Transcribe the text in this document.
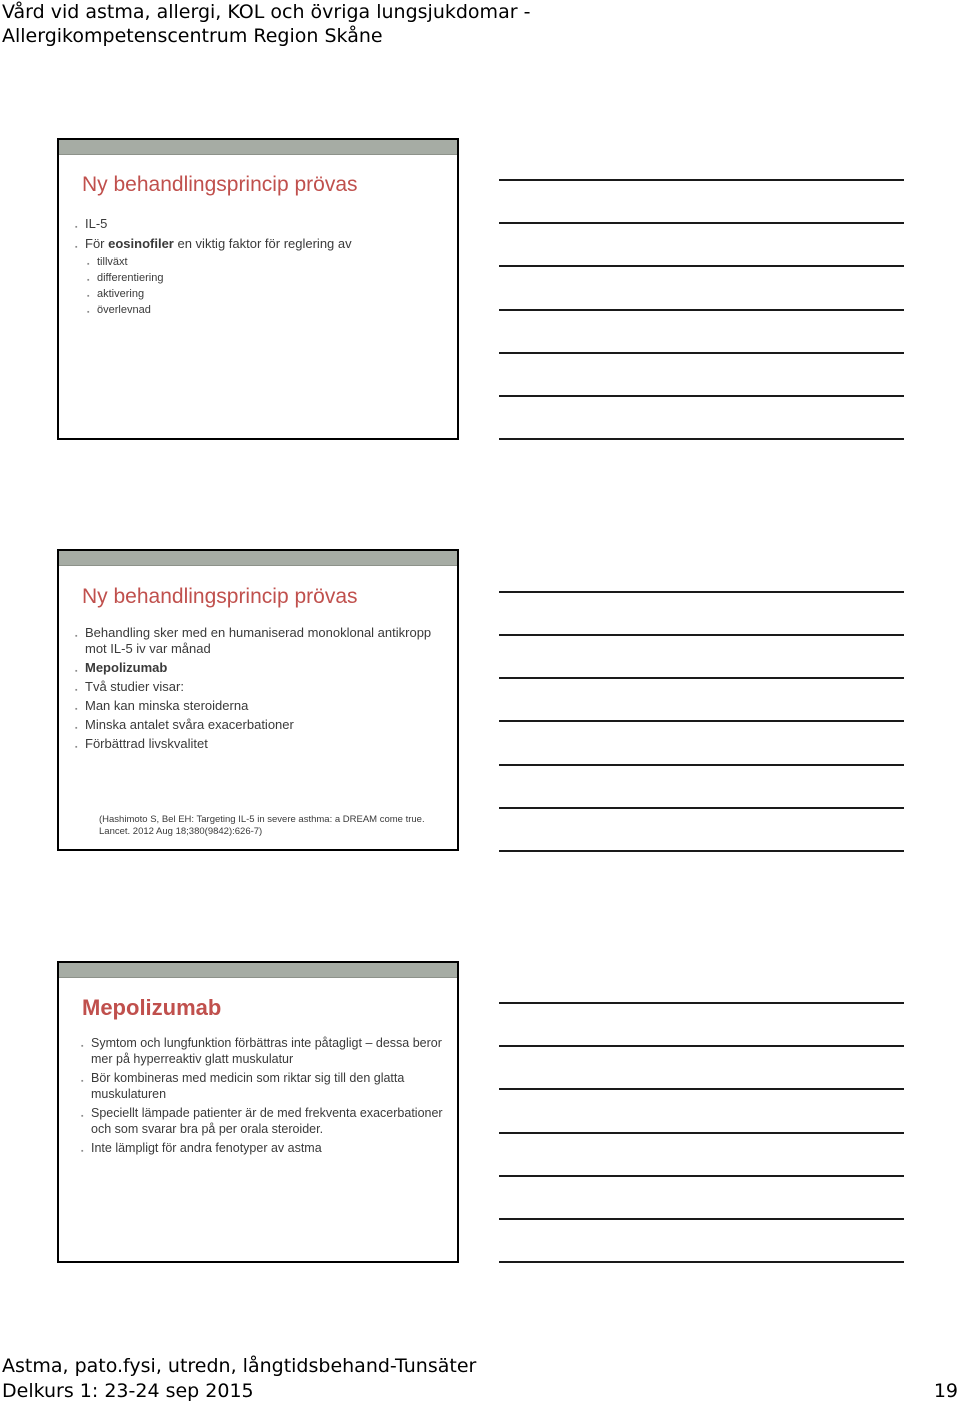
Vård vid astma, allergi, KOL och övriga lungsjukdomar -
Allergikompetenscentrum Region Skåne
Ny behandlingsprincip prövas
▪ IL-5
▪ För eosinofiler en viktig faktor för reglering av
▪ tillväxt
▪ differentiering
▪ aktivering
▪ överlevnad
Ny behandlingsprincip prövas
▪ Behandling sker med en humaniserad monoklonal antikropp mot IL-5 iv var månad
▪ Mepolizumab
▪ Två studier visar:
▪ Man kan minska steroiderna
▪ Minska antalet svåra exacerbationer
▪ Förbättrad livskvalitet
(Hashimoto S, Bel EH: Targeting IL-5 in severe asthma: a DREAM come true. Lancet. 2012 Aug 18;380(9842):626-7)
Mepolizumab
▪ Symtom och lungfunktion förbättras inte påtagligt – dessa beror mer på hyperreaktiv glatt muskulatur
▪ Bör kombineras med medicin som riktar sig till den glatta muskulaturen
▪ Speciellt lämpade patienter är de med frekventa exacerbationer och som svarar bra på per orala steroider.
▪ Inte lämpligt för andra fenotyper av astma
Astma, pato.fysi, utredn, långtidsbehand-Tunsäter
Delkurs 1: 23-24 sep 2015	19
